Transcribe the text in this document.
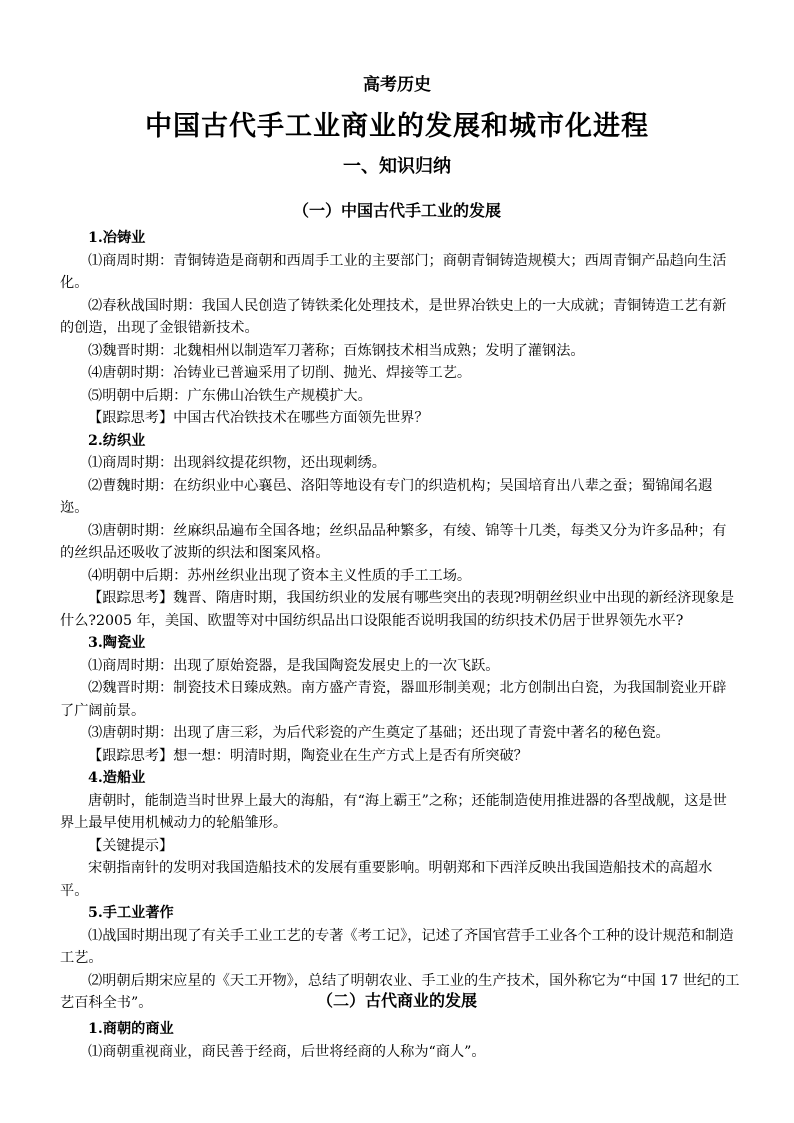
高考历史
中国古代手工业商业的发展和城市化进程
一、知识归纳
（一）中国古代手工业的发展

1.冶铸业

⑴商周时期：青铜铸造是商朝和西周手工业的主要部门；商朝青铜铸造规模大；西周青铜产品趋向生活化。

⑵春秋战国时期：我国人民创造了铸铁柔化处理技术，是世界冶铁史上的一大成就；青铜铸造工艺有新的创造，出现了金银错新技术。

⑶魏晋时期：北魏相州以制造军刀著称；百炼钢技术相当成熟；发明了灌钢法。

⑷唐朝时期：冶铸业已普遍采用了切削、抛光、焊接等工艺。

⑸明朝中后期：广东佛山冶铁生产规模扩大。

【跟踪思考】中国古代冶铁技术在哪些方面领先世界？

2.纺织业

⑴商周时期：出现斜纹提花织物，还出现刺绣。

⑵曹魏时期：在纺织业中心襄邑、洛阳等地设有专门的织造机构；吴国培育出八辈之蚕；蜀锦闻名遐迩。

⑶唐朝时期：丝麻织品遍布全国各地；丝织品品种繁多，有绫、锦等十几类，每类又分为许多品种；有的丝织品还吸收了波斯的织法和图案风格。

⑷明朝中后期：苏州丝织业出现了资本主义性质的手工工场。

【跟踪思考】魏晋、隋唐时期，我国纺织业的发展有哪些突出的表现?明朝丝织业中出现的新经济现象是什么?2005 年，美国、欧盟等对中国纺织品出口设限能否说明我国的纺织技术仍居于世界领先水平?

3.陶瓷业

⑴商周时期：出现了原始瓷器，是我国陶瓷发展史上的一次飞跃。

⑵魏晋时期：制瓷技术日臻成熟。南方盛产青瓷，器皿形制美观；北方创制出白瓷，为我国制瓷业开辟了广阔前景。

⑶唐朝时期：出现了唐三彩，为后代彩瓷的产生奠定了基础；还出现了青瓷中著名的秘色瓷。

【跟踪思考】想一想：明清时期，陶瓷业在生产方式上是否有所突破？

4.造船业

唐朝时，能制造当时世界上最大的海船，有“海上霸王”之称；还能制造使用推进器的各型战舰，这是世界上最早使用机械动力的轮船雏形。

【关键提示】

宋朝指南针的发明对我国造船技术的发展有重要影响。明朝郑和下西洋反映出我国造船技术的高超水平。

5.手工业著作

⑴战国时期出现了有关手工业工艺的专著《考工记》，记述了齐国官营手工业各个工种的设计规范和制造工艺。

⑵明朝后期宋应星的《天工开物》，总结了明朝农业、手工业的生产技术，国外称它为“中国 17 世纪的工艺百科全书”。	（二）古代商业的发展

1.商朝的商业

⑴商朝重视商业，商民善于经商，后世将经商的人称为“商人”。
